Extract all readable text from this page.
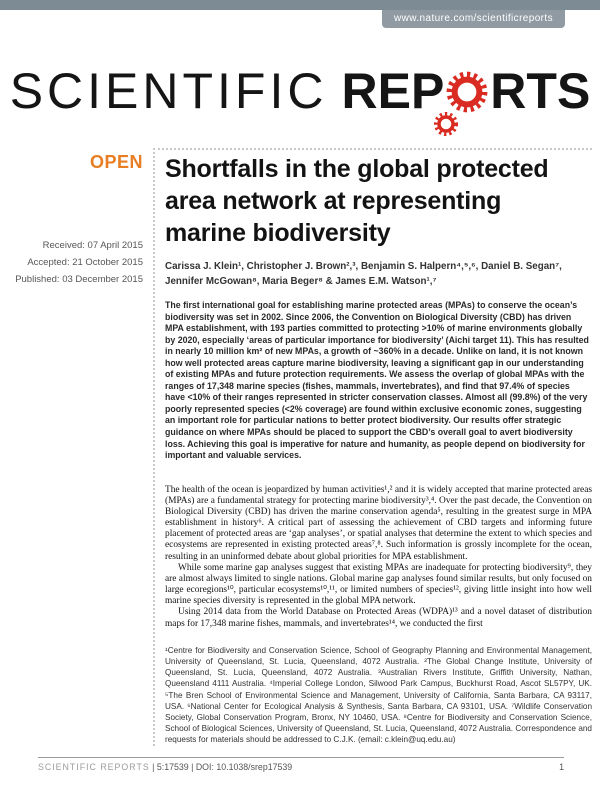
www.nature.com/scientificreports
SCIENTIFIC REP RTS
OPEN
Received: 07 April 2015
Accepted: 21 October 2015
Published: 03 December 2015
Shortfalls in the global protected
area network at representing
marine biodiversity
Carissa J. Klein¹, Christopher J. Brown²,³, Benjamin S. Halpern⁴,⁵,⁶, Daniel B. Segan⁷, Jennifer McGowan⁸, Maria Beger⁸ & James E.M. Watson¹,⁷
The first international goal for establishing marine protected areas (MPAs) to conserve the ocean’s biodiversity was set in 2002. Since 2006, the Convention on Biological Diversity (CBD) has driven MPA establishment, with 193 parties committed to protecting >10% of marine environments globally by 2020, especially ‘areas of particular importance for biodiversity’ (Aichi target 11). This has resulted in nearly 10 million km² of new MPAs, a growth of ~360% in a decade. Unlike on land, it is not known how well protected areas capture marine biodiversity, leaving a significant gap in our understanding of existing MPAs and future protection requirements. We assess the overlap of global MPAs with the ranges of 17,348 marine species (fishes, mammals, invertebrates), and find that 97.4% of species have <10% of their ranges represented in stricter conservation classes. Almost all (99.8%) of the very poorly represented species (<2% coverage) are found within exclusive economic zones, suggesting an important role for particular nations to better protect biodiversity. Our results offer strategic guidance on where MPAs should be placed to support the CBD’s overall goal to avert biodiversity loss. Achieving this goal is imperative for nature and humanity, as people depend on biodiversity for important and valuable services.

The health of the ocean is jeopardized by human activities¹,² and it is widely accepted that marine protected areas (MPAs) are a fundamental strategy for protecting marine biodiversity³,⁴. Over the past decade, the Convention on Biological Diversity (CBD) has driven the marine conservation agenda⁵, resulting in the greatest surge in MPA establishment in history⁶. A critical part of assessing the achievement of CBD targets and informing future placement of protected areas are ‘gap analyses’, or spatial analyses that determine the extent to which species and ecosystems are represented in existing protected areas⁷,⁸. Such information is grossly incomplete for the ocean, resulting in an uninformed debate about global priorities for MPA establishment.

While some marine gap analyses suggest that existing MPAs are inadequate for protecting biodiversity⁹, they are almost always limited to single nations. Global marine gap analyses found similar results, but only focused on large ecoregions¹⁰, particular ecosystems¹⁰,¹¹, or limited numbers of species¹², giving little insight into how well marine species diversity is represented in the global MPA network.

Using 2014 data from the World Database on Protected Areas (WDPA)¹³ and a novel dataset of distribution maps for 17,348 marine fishes, mammals, and invertebrates¹⁴, we conducted the first

¹Centre for Biodiversity and Conservation Science, School of Geography Planning and Environmental Management, University of Queensland, St. Lucia, Queensland, 4072 Australia. ²The Global Change Institute, University of Queensland, St. Lucia, Queensland, 4072 Australia. ³Australian Rivers Institute, Griffith University, Nathan, Queensland 4111 Australia. ⁴Imperial College London, Silwood Park Campus, Buckhurst Road, Ascot SL57PY, UK. ⁵The Bren School of Environmental Science and Management, University of California, Santa Barbara, CA 93117, USA. ⁶National Center for Ecological Analysis & Synthesis, Santa Barbara, CA 93101, USA. ⁷Wildlife Conservation Society, Global Conservation Program, Bronx, NY 10460, USA. ⁸Centre for Biodiversity and Conservation Science, School of Biological Sciences, University of Queensland, St. Lucia, Queensland, 4072 Australia. Correspondence and requests for materials should be addressed to C.J.K. (email: c.klein@uq.edu.au)
SCIENTIFIC REPORTS | 5:17539 | DOI: 10.1038/srep17539	1
